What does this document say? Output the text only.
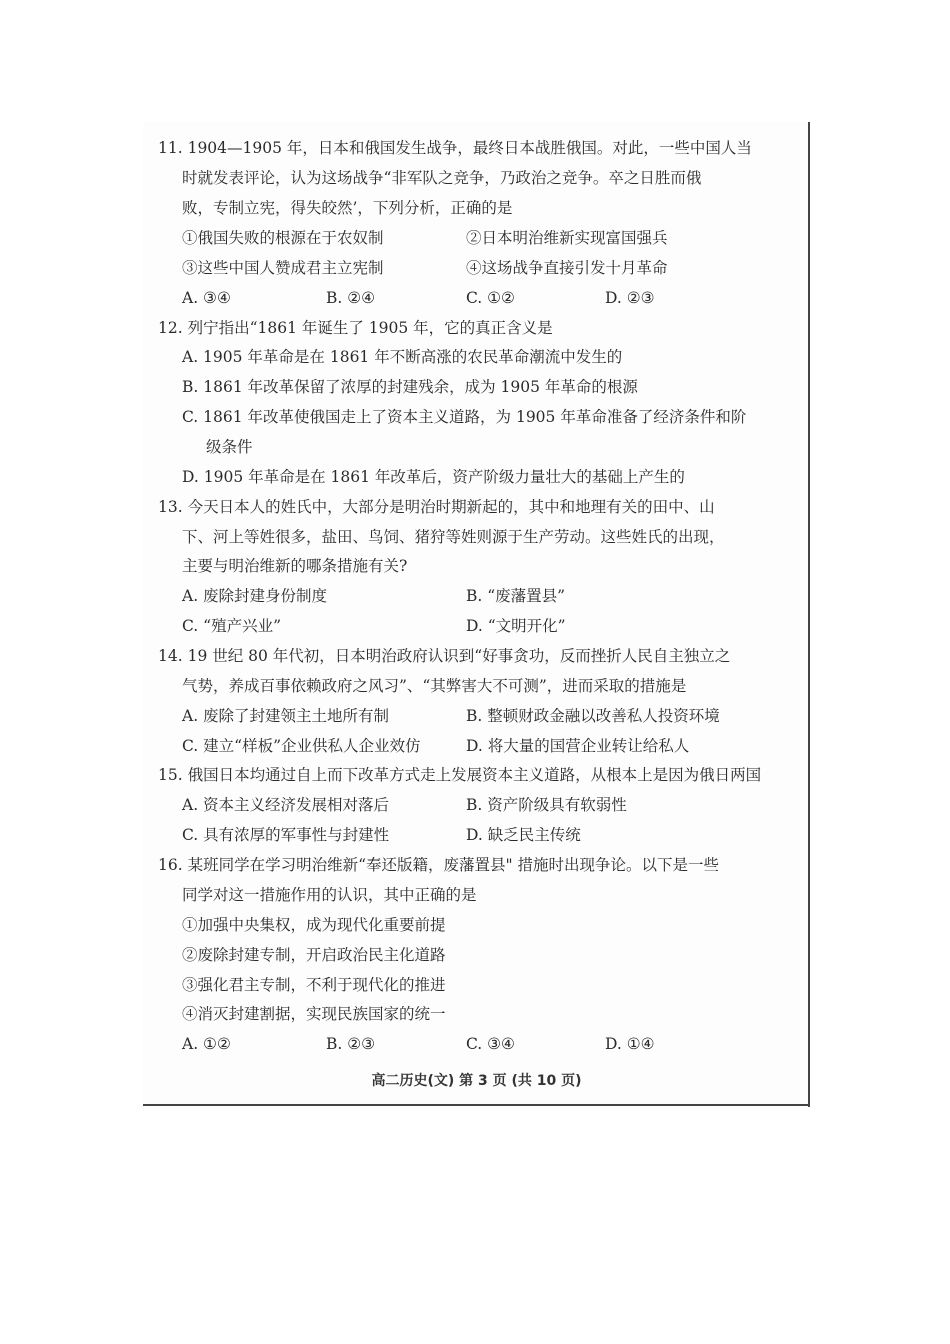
11. 1904—1905 年，日本和俄国发生战争，最终日本战胜俄国。对此，一些中国人当
时就发表评论，认为这场战争“非军队之竞争，乃政治之竞争。卒之日胜而俄
败，专制立宪，得失皎然’，下列分析，正确的是
①俄国失败的根源在于农奴制	②日本明治维新实现富国强兵
③这些中国人赞成君主立宪制	④这场战争直接引发十月革命
A. ③④	B. ②④	C. ①②	D. ②③
12. 列宁指出“1861 年诞生了 1905 年，它的真正含义是
A. 1905 年革命是在 1861 年不断高涨的农民革命潮流中发生的
B. 1861 年改革保留了浓厚的封建残余，成为 1905 年革命的根源
C. 1861 年改革使俄国走上了资本主义道路，为 1905 年革命准备了经济条件和阶
级条件
D. 1905 年革命是在 1861 年改革后，资产阶级力量壮大的基础上产生的
13. 今天日本人的姓氏中，大部分是明治时期新起的，其中和地理有关的田中、山
下、河上等姓很多，盐田、鸟饲、猪狩等姓则源于生产劳动。这些姓氏的出现，
主要与明治维新的哪条措施有关?
A. 废除封建身份制度	B. “废藩置县”
C. “殖产兴业”	D. “文明开化”
14. 19 世纪 80 年代初，日本明治政府认识到“好事贪功，反而挫折人民自主独立之
气势，养成百事依赖政府之风习”、“其弊害大不可测”，进而采取的措施是
A. 废除了封建领主土地所有制	B. 整顿财政金融以改善私人投资环境
C. 建立“样板”企业供私人企业效仿	D. 将大量的国营企业转让给私人
15. 俄国日本均通过自上而下改革方式走上发展资本主义道路，从根本上是因为俄日两国
A. 资本主义经济发展相对落后	B. 资产阶级具有软弱性
C. 具有浓厚的军事性与封建性	D. 缺乏民主传统
16. 某班同学在学习明治维新“奉还版籍，废藩置县" 措施时出现争论。以下是一些
同学对这一措施作用的认识，其中正确的是
①加强中央集权，成为现代化重要前提
②废除封建专制，开启政治民主化道路
③强化君主专制，不利于现代化的推进
④消灭封建割据，实现民族国家的统一
A. ①②	B. ②③	C. ③④	D. ①④
高二历史(文) 第 3 页 (共 10 页)
